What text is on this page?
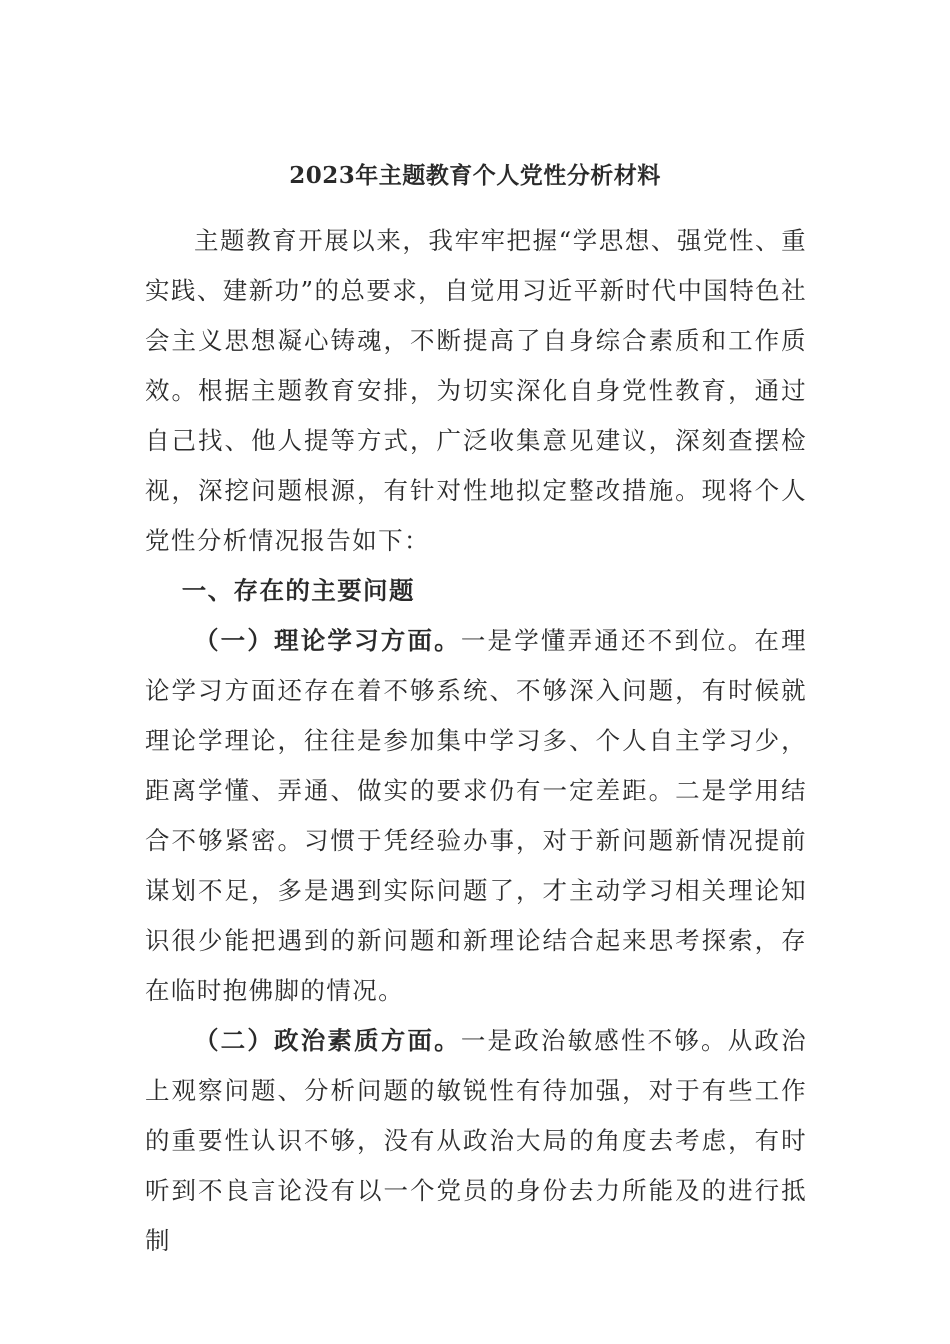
2023年主题教育个人党性分析材料

主题教育开展以来，我牢牢把握“学思想、强党性、重实践、建新功”的总要求，自觉用习近平新时代中国特色社会主义思想凝心铸魂，不断提高了自身综合素质和工作质效。根据主题教育安排，为切实深化自身党性教育，通过自己找、他人提等方式，广泛收集意见建议，深刻查摆检视，深挖问题根源，有针对性地拟定整改措施。现将个人党性分析情况报告如下：

一、存在的主要问题

（一）理论学习方面。一是学懂弄通还不到位。在理论学习方面还存在着不够系统、不够深入问题，有时候就理论学理论，往往是参加集中学习多、个人自主学习少，距离学懂、弄通、做实的要求仍有一定差距。二是学用结合不够紧密。习惯于凭经验办事，对于新问题新情况提前谋划不足，多是遇到实际问题了，才主动学习相关理论知识很少能把遇到的新问题和新理论结合起来思考探索，存在临时抱佛脚的情况。

（二）政治素质方面。一是政治敏感性不够。从政治上观察问题、分析问题的敏锐性有待加强，对于有些工作的重要性认识不够，没有从政治大局的角度去考虑，有时听到不良言论没有以一个党员的身份去力所能及的进行抵制
